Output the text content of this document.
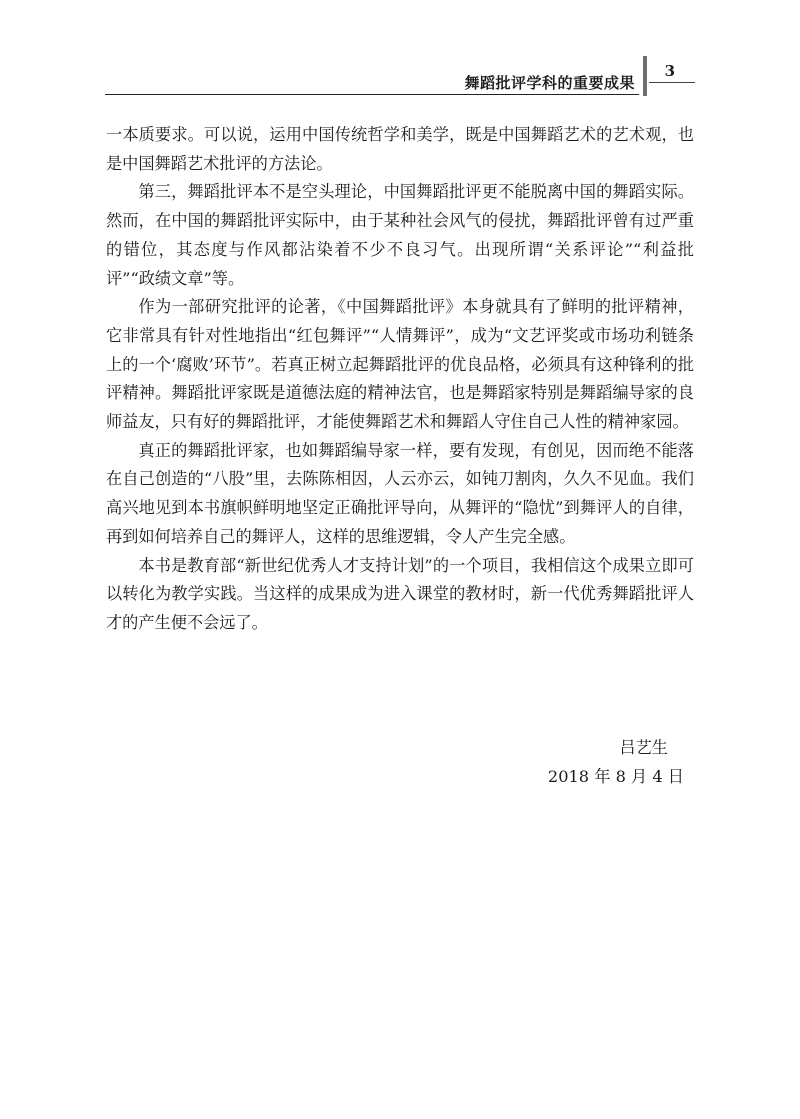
舞蹈批评学科的重要成果
3

一本质要求。可以说，运用中国传统哲学和美学，既是中国舞蹈艺术的艺术观，也是中国舞蹈艺术批评的方法论。

第三，舞蹈批评本不是空头理论，中国舞蹈批评更不能脱离中国的舞蹈实际。然而，在中国的舞蹈批评实际中，由于某种社会风气的侵扰，舞蹈批评曾有过严重的错位，其态度与作风都沾染着不少不良习气。出现所谓“关系评论”“利益批评”“政绩文章”等。

作为一部研究批评的论著，《中国舞蹈批评》本身就具有了鲜明的批评精神，它非常具有针对性地指出“红包舞评”“人情舞评”，成为“文艺评奖或市场功利链条上的一个‘腐败’环节”。若真正树立起舞蹈批评的优良品格，必须具有这种锋利的批评精神。舞蹈批评家既是道德法庭的精神法官，也是舞蹈家特别是舞蹈编导家的良师益友，只有好的舞蹈批评，才能使舞蹈艺术和舞蹈人守住自己人性的精神家园。

真正的舞蹈批评家，也如舞蹈编导家一样，要有发现，有创见，因而绝不能落在自己创造的“八股”里，去陈陈相因，人云亦云，如钝刀割肉，久久不见血。我们高兴地见到本书旗帜鲜明地坚定正确批评导向，从舞评的“隐忧”到舞评人的自律，再到如何培养自己的舞评人，这样的思维逻辑，令人产生完全感。

本书是教育部“新世纪优秀人才支持计划”的一个项目，我相信这个成果立即可以转化为教学实践。当这样的成果成为进入课堂的教材时，新一代优秀舞蹈批评人才的产生便不会远了。

吕艺生
2018 年 8 月 4 日
